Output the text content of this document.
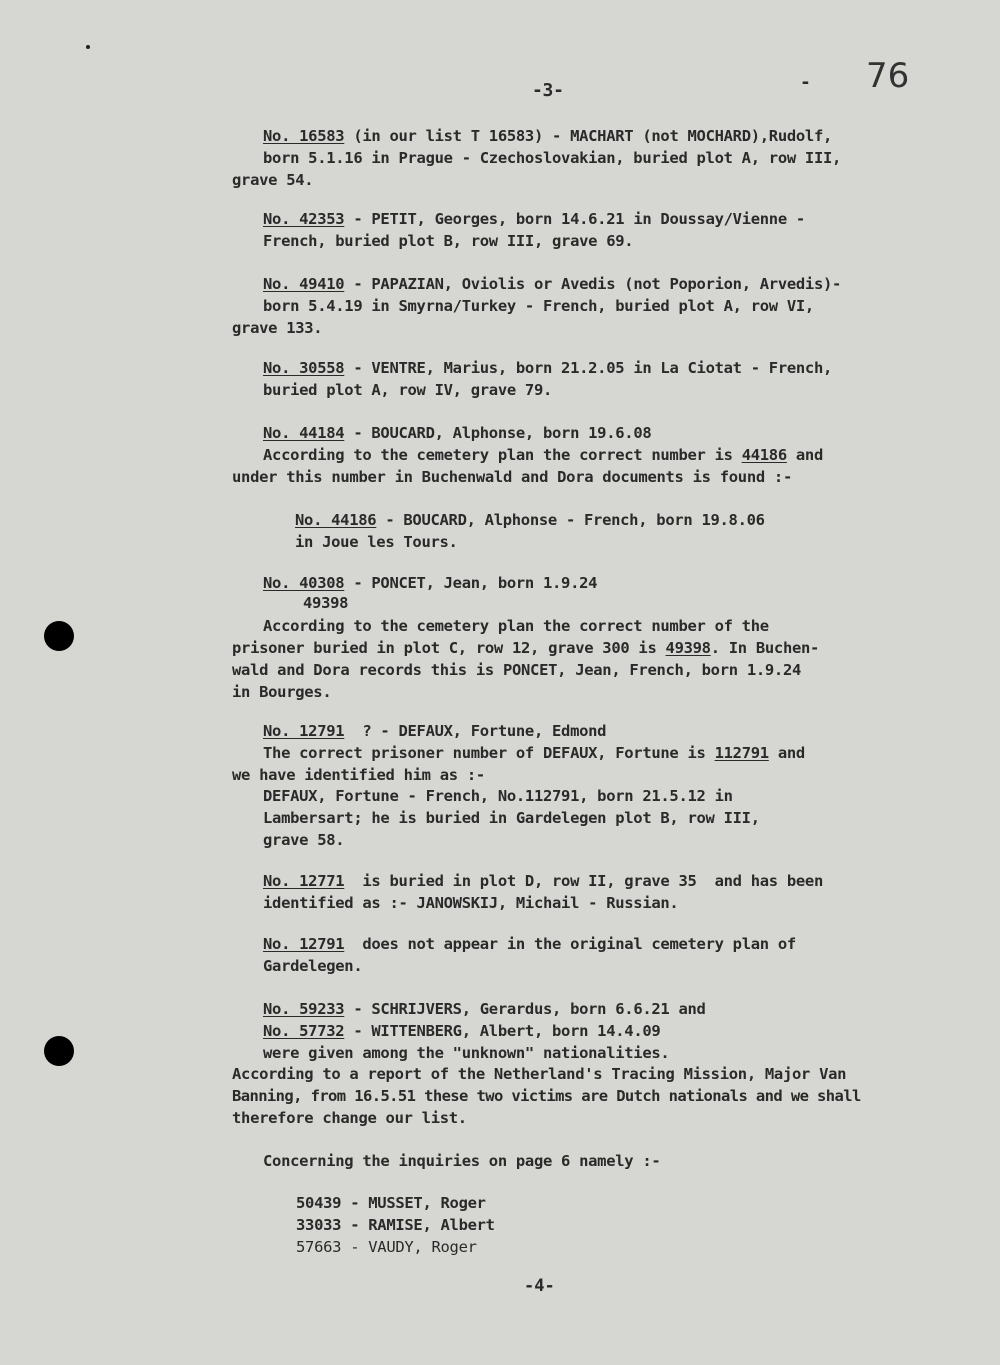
-3-	- 76
No. 16583 (in our list T 16583) - MACHART (not MOCHARD),Rudolf,
born 5.1.16 in Prague - Czechoslovakian, buried plot A, row III,
grave 54.
No. 42353 - PETIT, Georges, born 14.6.21 in Doussay/Vienne -
French, buried plot B, row III, grave 69.
No. 49410 - PAPAZIAN, Oviolis or Avedis (not Poporion, Arvedis)-
born 5.4.19 in Smyrna/Turkey - French, buried plot A, row VI,
grave 133.
No. 30558 - VENTRE, Marius, born 21.2.05 in La Ciotat - French,
buried plot A, row IV, grave 79.
No. 44184 - BOUCARD, Alphonse, born 19.6.08
According to the cemetery plan the correct number is 44186 and
under this number in Buchenwald and Dora documents is found :-
No. 44186 - BOUCARD, Alphonse - French, born 19.8.06
in Joue les Tours.
No. 40308 - PONCET, Jean, born 1.9.24
49398
According to the cemetery plan the correct number of the
prisoner buried in plot C, row 12, grave 300 is 49398. In Buchen-
wald and Dora records this is PONCET, Jean, French, born 1.9.24
in Bourges.
No. 12791  ? - DEFAUX, Fortune, Edmond
The correct prisoner number of DEFAUX, Fortune is 112791 and
we have identified him as :-
DEFAUX, Fortune - French, No.112791, born 21.5.12 in
Lambersart; he is buried in Gardelegen plot B, row III,
grave 58.
No. 12771  is buried in plot D, row II, grave 35  and has been
identified as :- JANOWSKIJ, Michail - Russian.
No. 12791  does not appear in the original cemetery plan of
Gardelegen.
No. 59233 - SCHRIJVERS, Gerardus, born 6.6.21 and
No. 57732 - WITTENBERG, Albert, born 14.4.09
were given among the "unknown" nationalities.
According to a report of the Netherland's Tracing Mission, Major Van
Banning, from 16.5.51 these two victims are Dutch nationals and we shall
therefore change our list.
Concerning the inquiries on page 6 namely :-
50439 - MUSSET, Roger
33033 - RAMISE, Albert
57663 - VAUDY, Roger
-4-
